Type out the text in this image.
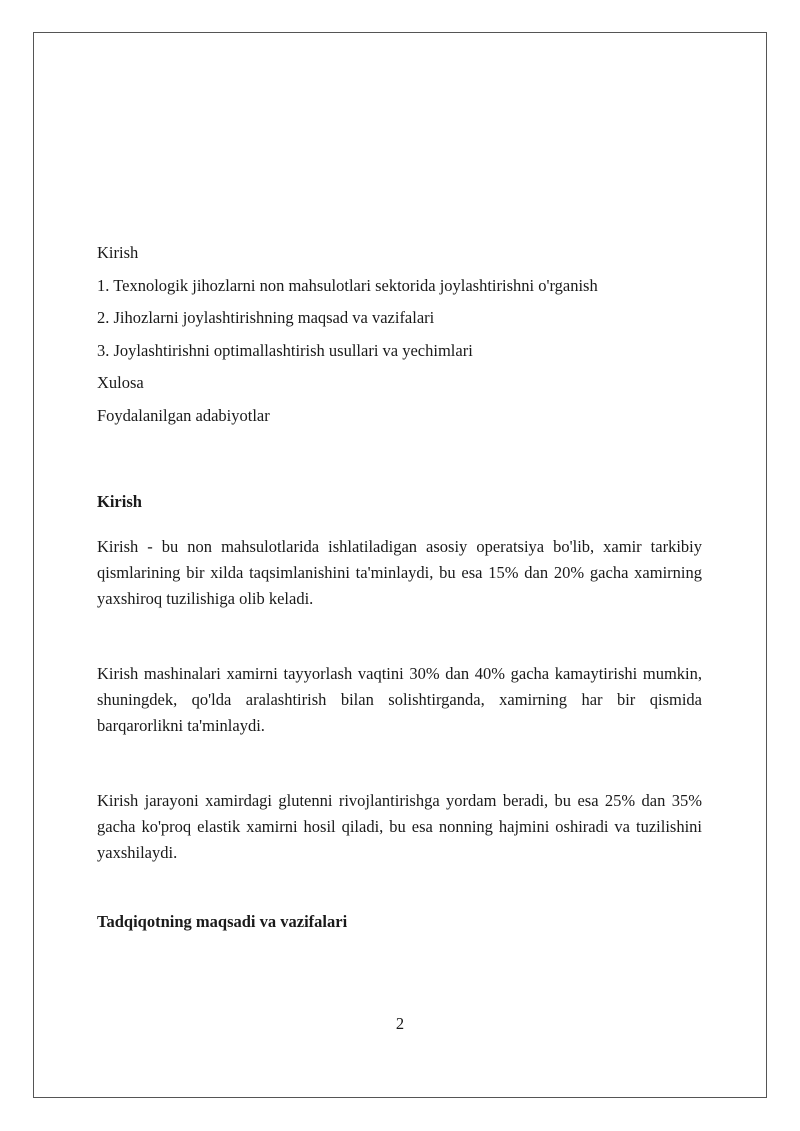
Kirish

1. Texnologik jihozlarni non mahsulotlari sektorida joylashtirishni o'rganish

2. Jihozlarni joylashtirishning maqsad va vazifalari

3. Joylashtirishni optimallashtirish usullari va yechimlari

Xulosa

Foydalanilgan adabiyotlar

Kirish

Kirish - bu non mahsulotlarida ishlatiladigan asosiy operatsiya bo'lib, xamir tarkibiy qismlarining bir xilda taqsimlanishini ta'minlaydi, bu esa 15% dan 20% gacha xamirning yaxshiroq tuzilishiga olib keladi.

Kirish mashinalari xamirni tayyorlash vaqtini 30% dan 40% gacha kamaytirishi mumkin, shuningdek, qo'lda aralashtirish bilan solishtirganda, xamirning har bir qismida barqarorlikni ta'minlaydi.

Kirish jarayoni xamirdagi glutenni rivojlantirishga yordam beradi, bu esa 25% dan 35% gacha ko'proq elastik xamirni hosil qiladi, bu esa nonning hajmini oshiradi va tuzilishini yaxshilaydi.

Tadqiqotning maqsadi va vazifalari

2
